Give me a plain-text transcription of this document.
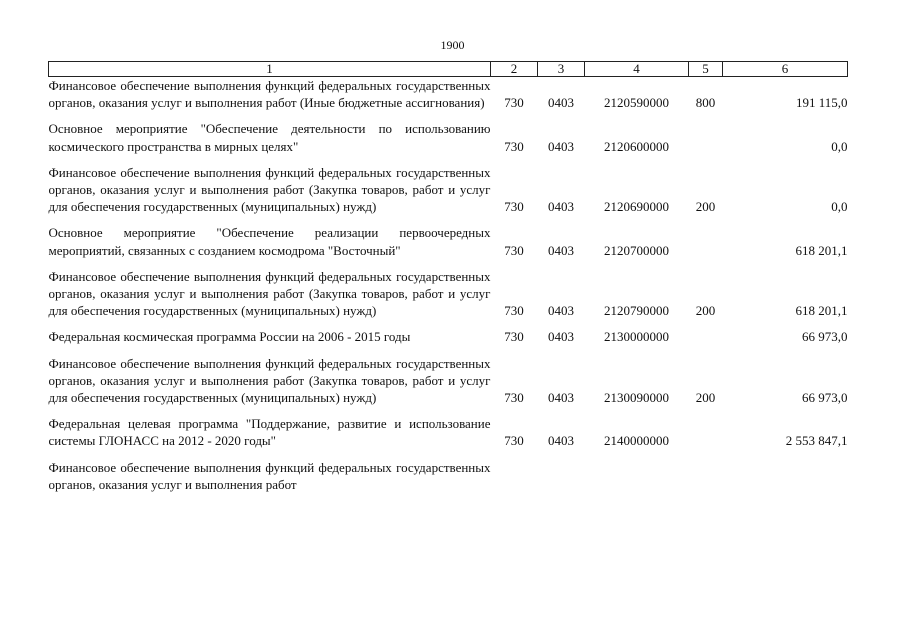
1900
1	2	3	4	5	6
Финансовое обеспечение выполнения функций федеральных государственных органов, оказания услуг и выполнения работ (Иные бюджетные ассигнования)	730	0403	2120590000	800	191 115,0

Основное мероприятие "Обеспечение деятельности по использованию космического пространства в мирных целях"	730	0403	2120600000		0,0

Финансовое обеспечение выполнения функций федеральных государственных органов, оказания услуг и выполнения работ (Закупка товаров, работ и услуг для обеспечения государственных (муниципальных) нужд)	730	0403	2120690000	200	0,0

Основное мероприятие "Обеспечение реализации первоочередных мероприятий, связанных с созданием космодрома "Восточный"	730	0403	2120700000		618 201,1

Финансовое обеспечение выполнения функций федеральных государственных органов, оказания услуг и выполнения работ (Закупка товаров, работ и услуг для обеспечения государственных (муниципальных) нужд)	730	0403	2120790000	200	618 201,1

Федеральная космическая программа России на 2006 - 2015 годы	730	0403	2130000000		66 973,0

Финансовое обеспечение выполнения функций федеральных государственных органов, оказания услуг и выполнения работ (Закупка товаров, работ и услуг для обеспечения государственных (муниципальных) нужд)	730	0403	2130090000	200	66 973,0

Федеральная целевая программа "Поддержание, развитие и использование системы ГЛОНАСС на 2012 - 2020 годы"	730	0403	2140000000		2 553 847,1

Финансовое обеспечение выполнения функций федеральных государственных органов, оказания услуг и выполнения работ					
